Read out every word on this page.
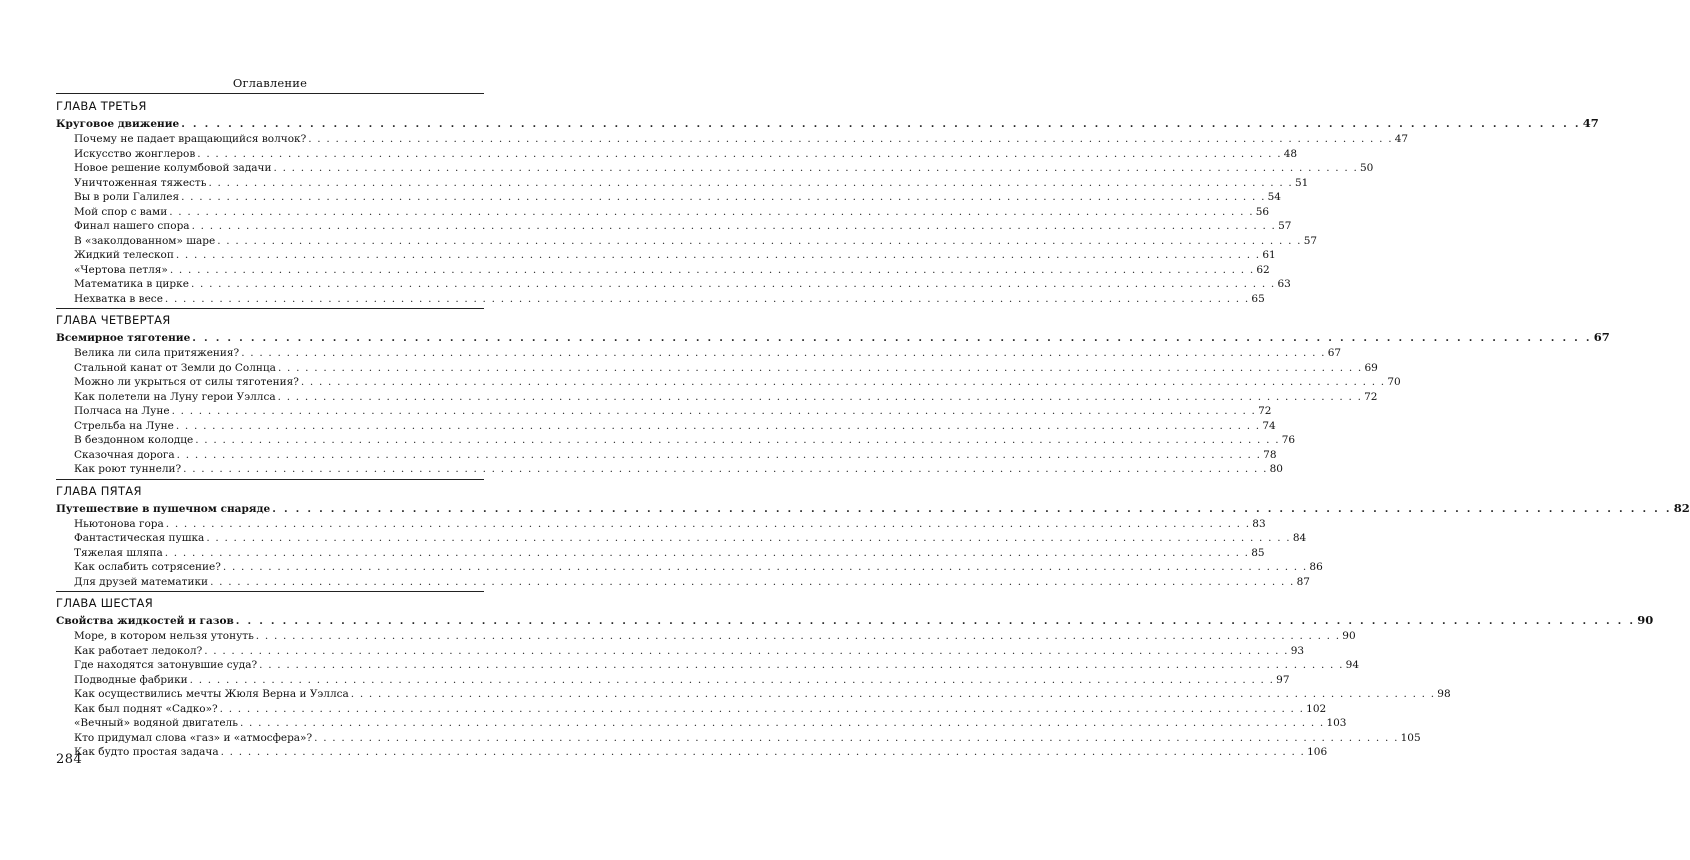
Оглавление
ГЛАВА ТРЕТЬЯ
Круговое движение . . . . . . . . . . . . . . . . . . . . . . . . . . . . . . . . . . . . . . . . . . . . . . . . . . . . . . . . . . . . . . . . . . . . . . . . . . . . . . . . . . . . . . . . . . . . . . . . . . . . . . . . . . . . . . . . . . . . . . . . 47
Почему не падает вращающийся волчок? . . . . . . . . . . . . . . . . . . . . . . . . . . . . . . . . . . . . . . . . . . . . . . . . . . . . . . . . . . . . . . . . . . . . . . . . . . . . . . . . . . . . . . . . . . . . . . . . . . . . . . . . . . . . . . . . . . . . . . . . 47
Искусство жонглеров . . . . . . . . . . . . . . . . . . . . . . . . . . . . . . . . . . . . . . . . . . . . . . . . . . . . . . . . . . . . . . . . . . . . . . . . . . . . . . . . . . . . . . . . . . . . . . . . . . . . . . . . . . . . . . . . . . . . . . . . 48
Новое решение колумбовой задачи . . . . . . . . . . . . . . . . . . . . . . . . . . . . . . . . . . . . . . . . . . . . . . . . . . . . . . . . . . . . . . . . . . . . . . . . . . . . . . . . . . . . . . . . . . . . . . . . . . . . . . . . . . . . . . . . . . . . . . . . 50
Уничтоженная тяжесть . . . . . . . . . . . . . . . . . . . . . . . . . . . . . . . . . . . . . . . . . . . . . . . . . . . . . . . . . . . . . . . . . . . . . . . . . . . . . . . . . . . . . . . . . . . . . . . . . . . . . . . . . . . . . . . . . . . . . . . . 51
Вы в роли Галилея . . . . . . . . . . . . . . . . . . . . . . . . . . . . . . . . . . . . . . . . . . . . . . . . . . . . . . . . . . . . . . . . . . . . . . . . . . . . . . . . . . . . . . . . . . . . . . . . . . . . . . . . . . . . . . . . . . . . . . . . 54
Мой спор с вами . . . . . . . . . . . . . . . . . . . . . . . . . . . . . . . . . . . . . . . . . . . . . . . . . . . . . . . . . . . . . . . . . . . . . . . . . . . . . . . . . . . . . . . . . . . . . . . . . . . . . . . . . . . . . . . . . . . . . . . . 56
Финал нашего спора . . . . . . . . . . . . . . . . . . . . . . . . . . . . . . . . . . . . . . . . . . . . . . . . . . . . . . . . . . . . . . . . . . . . . . . . . . . . . . . . . . . . . . . . . . . . . . . . . . . . . . . . . . . . . . . . . . . . . . . . 57
В «заколдованном» шаре . . . . . . . . . . . . . . . . . . . . . . . . . . . . . . . . . . . . . . . . . . . . . . . . . . . . . . . . . . . . . . . . . . . . . . . . . . . . . . . . . . . . . . . . . . . . . . . . . . . . . . . . . . . . . . . . . . . . . . . . 57
Жидкий телескоп . . . . . . . . . . . . . . . . . . . . . . . . . . . . . . . . . . . . . . . . . . . . . . . . . . . . . . . . . . . . . . . . . . . . . . . . . . . . . . . . . . . . . . . . . . . . . . . . . . . . . . . . . . . . . . . . . . . . . . . . 61
«Чертова петля» . . . . . . . . . . . . . . . . . . . . . . . . . . . . . . . . . . . . . . . . . . . . . . . . . . . . . . . . . . . . . . . . . . . . . . . . . . . . . . . . . . . . . . . . . . . . . . . . . . . . . . . . . . . . . . . . . . . . . . . . 62
Математика в цирке . . . . . . . . . . . . . . . . . . . . . . . . . . . . . . . . . . . . . . . . . . . . . . . . . . . . . . . . . . . . . . . . . . . . . . . . . . . . . . . . . . . . . . . . . . . . . . . . . . . . . . . . . . . . . . . . . . . . . . . . 63
Нехватка в весе . . . . . . . . . . . . . . . . . . . . . . . . . . . . . . . . . . . . . . . . . . . . . . . . . . . . . . . . . . . . . . . . . . . . . . . . . . . . . . . . . . . . . . . . . . . . . . . . . . . . . . . . . . . . . . . . . . . . . . . . 65
ГЛАВА ЧЕТВЕРТАЯ
Всемирное тяготение . . . . . . . . . . . . . . . . . . . . . . . . . . . . . . . . . . . . . . . . . . . . . . . . . . . . . . . . . . . . . . . . . . . . . . . . . . . . . . . . . . . . . . . . . . . . . . . . . . . . . . . . . . . . . . . . . . . . . . . . 67
Велика ли сила притяжения? . . . . . . . . . . . . . . . . . . . . . . . . . . . . . . . . . . . . . . . . . . . . . . . . . . . . . . . . . . . . . . . . . . . . . . . . . . . . . . . . . . . . . . . . . . . . . . . . . . . . . . . . . . . . . . . . . . . . . . . . 67
Стальной канат от Земли до Солнца . . . . . . . . . . . . . . . . . . . . . . . . . . . . . . . . . . . . . . . . . . . . . . . . . . . . . . . . . . . . . . . . . . . . . . . . . . . . . . . . . . . . . . . . . . . . . . . . . . . . . . . . . . . . . . . . . . . . . . . . 69
Можно ли укрыться от силы тяготения? . . . . . . . . . . . . . . . . . . . . . . . . . . . . . . . . . . . . . . . . . . . . . . . . . . . . . . . . . . . . . . . . . . . . . . . . . . . . . . . . . . . . . . . . . . . . . . . . . . . . . . . . . . . . . . . . . . . . . . . . 70
Как полетели на Луну герои Уэллса . . . . . . . . . . . . . . . . . . . . . . . . . . . . . . . . . . . . . . . . . . . . . . . . . . . . . . . . . . . . . . . . . . . . . . . . . . . . . . . . . . . . . . . . . . . . . . . . . . . . . . . . . . . . . . . . . . . . . . . . 72
Полчаса на Луне . . . . . . . . . . . . . . . . . . . . . . . . . . . . . . . . . . . . . . . . . . . . . . . . . . . . . . . . . . . . . . . . . . . . . . . . . . . . . . . . . . . . . . . . . . . . . . . . . . . . . . . . . . . . . . . . . . . . . . . . 72
Стрельба на Луне . . . . . . . . . . . . . . . . . . . . . . . . . . . . . . . . . . . . . . . . . . . . . . . . . . . . . . . . . . . . . . . . . . . . . . . . . . . . . . . . . . . . . . . . . . . . . . . . . . . . . . . . . . . . . . . . . . . . . . . . 74
В бездонном колодце . . . . . . . . . . . . . . . . . . . . . . . . . . . . . . . . . . . . . . . . . . . . . . . . . . . . . . . . . . . . . . . . . . . . . . . . . . . . . . . . . . . . . . . . . . . . . . . . . . . . . . . . . . . . . . . . . . . . . . . . 76
Сказочная дорога . . . . . . . . . . . . . . . . . . . . . . . . . . . . . . . . . . . . . . . . . . . . . . . . . . . . . . . . . . . . . . . . . . . . . . . . . . . . . . . . . . . . . . . . . . . . . . . . . . . . . . . . . . . . . . . . . . . . . . . . 78
Как роют туннели? . . . . . . . . . . . . . . . . . . . . . . . . . . . . . . . . . . . . . . . . . . . . . . . . . . . . . . . . . . . . . . . . . . . . . . . . . . . . . . . . . . . . . . . . . . . . . . . . . . . . . . . . . . . . . . . . . . . . . . . . 80
ГЛАВА ПЯТАЯ
Путешествие в пушечном снаряде . . . . . . . . . . . . . . . . . . . . . . . . . . . . . . . . . . . . . . . . . . . . . . . . . . . . . . . . . . . . . . . . . . . . . . . . . . . . . . . . . . . . . . . . . . . . . . . . . . . . . . . . . . . . . . . . . . . . . . . . 82
Ньютонова гора . . . . . . . . . . . . . . . . . . . . . . . . . . . . . . . . . . . . . . . . . . . . . . . . . . . . . . . . . . . . . . . . . . . . . . . . . . . . . . . . . . . . . . . . . . . . . . . . . . . . . . . . . . . . . . . . . . . . . . . . 83
Фантастическая пушка . . . . . . . . . . . . . . . . . . . . . . . . . . . . . . . . . . . . . . . . . . . . . . . . . . . . . . . . . . . . . . . . . . . . . . . . . . . . . . . . . . . . . . . . . . . . . . . . . . . . . . . . . . . . . . . . . . . . . . . . 84
Тяжелая шляпа . . . . . . . . . . . . . . . . . . . . . . . . . . . . . . . . . . . . . . . . . . . . . . . . . . . . . . . . . . . . . . . . . . . . . . . . . . . . . . . . . . . . . . . . . . . . . . . . . . . . . . . . . . . . . . . . . . . . . . . . 85
Как ослабить сотрясение? . . . . . . . . . . . . . . . . . . . . . . . . . . . . . . . . . . . . . . . . . . . . . . . . . . . . . . . . . . . . . . . . . . . . . . . . . . . . . . . . . . . . . . . . . . . . . . . . . . . . . . . . . . . . . . . . . . . . . . . . 86
Для друзей математики . . . . . . . . . . . . . . . . . . . . . . . . . . . . . . . . . . . . . . . . . . . . . . . . . . . . . . . . . . . . . . . . . . . . . . . . . . . . . . . . . . . . . . . . . . . . . . . . . . . . . . . . . . . . . . . . . . . . . . . . 87
ГЛАВА ШЕСТАЯ
Свойства жидкостей и газов . . . . . . . . . . . . . . . . . . . . . . . . . . . . . . . . . . . . . . . . . . . . . . . . . . . . . . . . . . . . . . . . . . . . . . . . . . . . . . . . . . . . . . . . . . . . . . . . . . . . . . . . . . . . . . . . . . . . . . . . 90
Море, в котором нельзя утонуть . . . . . . . . . . . . . . . . . . . . . . . . . . . . . . . . . . . . . . . . . . . . . . . . . . . . . . . . . . . . . . . . . . . . . . . . . . . . . . . . . . . . . . . . . . . . . . . . . . . . . . . . . . . . . . . . . . . . . . . . 90
Как работает ледокол? . . . . . . . . . . . . . . . . . . . . . . . . . . . . . . . . . . . . . . . . . . . . . . . . . . . . . . . . . . . . . . . . . . . . . . . . . . . . . . . . . . . . . . . . . . . . . . . . . . . . . . . . . . . . . . . . . . . . . . . . 93
Где находятся затонувшие суда? . . . . . . . . . . . . . . . . . . . . . . . . . . . . . . . . . . . . . . . . . . . . . . . . . . . . . . . . . . . . . . . . . . . . . . . . . . . . . . . . . . . . . . . . . . . . . . . . . . . . . . . . . . . . . . . . . . . . . . . . 94
Подводные фабрики . . . . . . . . . . . . . . . . . . . . . . . . . . . . . . . . . . . . . . . . . . . . . . . . . . . . . . . . . . . . . . . . . . . . . . . . . . . . . . . . . . . . . . . . . . . . . . . . . . . . . . . . . . . . . . . . . . . . . . . . 97
Как осуществились мечты Жюля Верна и Уэллса . . . . . . . . . . . . . . . . . . . . . . . . . . . . . . . . . . . . . . . . . . . . . . . . . . . . . . . . . . . . . . . . . . . . . . . . . . . . . . . . . . . . . . . . . . . . . . . . . . . . . . . . . . . . . . . . . . . . . . . . 98
Как был поднят «Садко»? . . . . . . . . . . . . . . . . . . . . . . . . . . . . . . . . . . . . . . . . . . . . . . . . . . . . . . . . . . . . . . . . . . . . . . . . . . . . . . . . . . . . . . . . . . . . . . . . . . . . . . . . . . . . . . . . . . . . . . . . 102
«Вечный» водяной двигатель . . . . . . . . . . . . . . . . . . . . . . . . . . . . . . . . . . . . . . . . . . . . . . . . . . . . . . . . . . . . . . . . . . . . . . . . . . . . . . . . . . . . . . . . . . . . . . . . . . . . . . . . . . . . . . . . . . . . . . . . 103
Кто придумал слова «газ» и «атмосфера»? . . . . . . . . . . . . . . . . . . . . . . . . . . . . . . . . . . . . . . . . . . . . . . . . . . . . . . . . . . . . . . . . . . . . . . . . . . . . . . . . . . . . . . . . . . . . . . . . . . . . . . . . . . . . . . . . . . . . . . . . 105
Как будто простая задача . . . . . . . . . . . . . . . . . . . . . . . . . . . . . . . . . . . . . . . . . . . . . . . . . . . . . . . . . . . . . . . . . . . . . . . . . . . . . . . . . . . . . . . . . . . . . . . . . . . . . . . . . . . . . . . . . . . . . . . . 106
284
